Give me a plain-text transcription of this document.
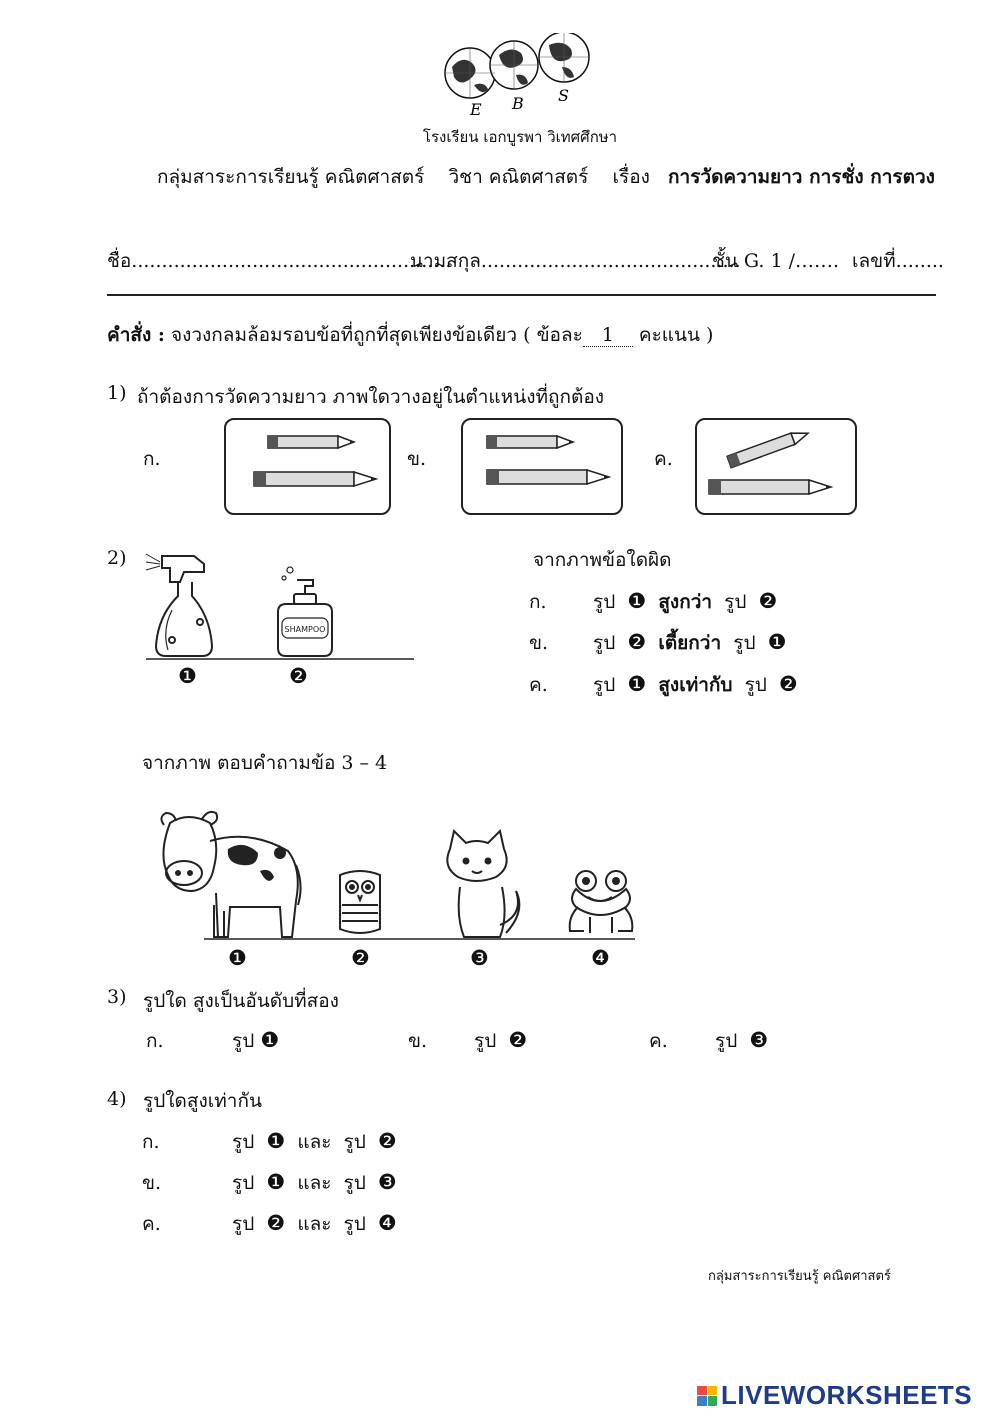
E B S
โรงเรียน เอกบูรพา วิเทศศึกษา
กลุ่มสาระการเรียนรู้ คณิตศาสตร์ วิชา คณิตศาสตร์ เรื่อง การวัดความยาว การชั่ง การตวง
ชื่อ.....................................................
นามสกุล...........................................
ชั้น G. 1 /……. เลขที่........
คำสั่ง : จงวงกลมล้อมรอบข้อที่ถูกที่สุดเพียงข้อเดียว ( ข้อละ 1 คะแนน )
1) ถ้าต้องการวัดความยาว ภาพใดวางอยู่ในตำแหน่งที่ถูกต้อง
ก.	ข.	ค.
2)
SHAMPOO
❶	❷
จากภาพข้อใดผิด
ก. รูป ❶ สูงกว่า รูป ❷
ข. รูป ❷ เตี้ยกว่า รูป ❶
ค. รูป ❶ สูงเท่ากับ รูป ❷
จากภาพ ตอบคำถามข้อ 3 – 4
❶	❷	❸	❹
3) รูปใด สูงเป็นอันดับที่สอง
ก.	รูป ❶	ข. รูป ❷	ค. รูป ❸
4) รูปใดสูงเท่ากัน
ก.	รูป ❶ และ รูป ❷
ข.	รูป ❶ และ รูป ❸
ค.	รูป ❷ และ รูป ❹
กลุ่มสาระการเรียนรู้ คณิตศาสตร์
LIVEWORKSHEETS
